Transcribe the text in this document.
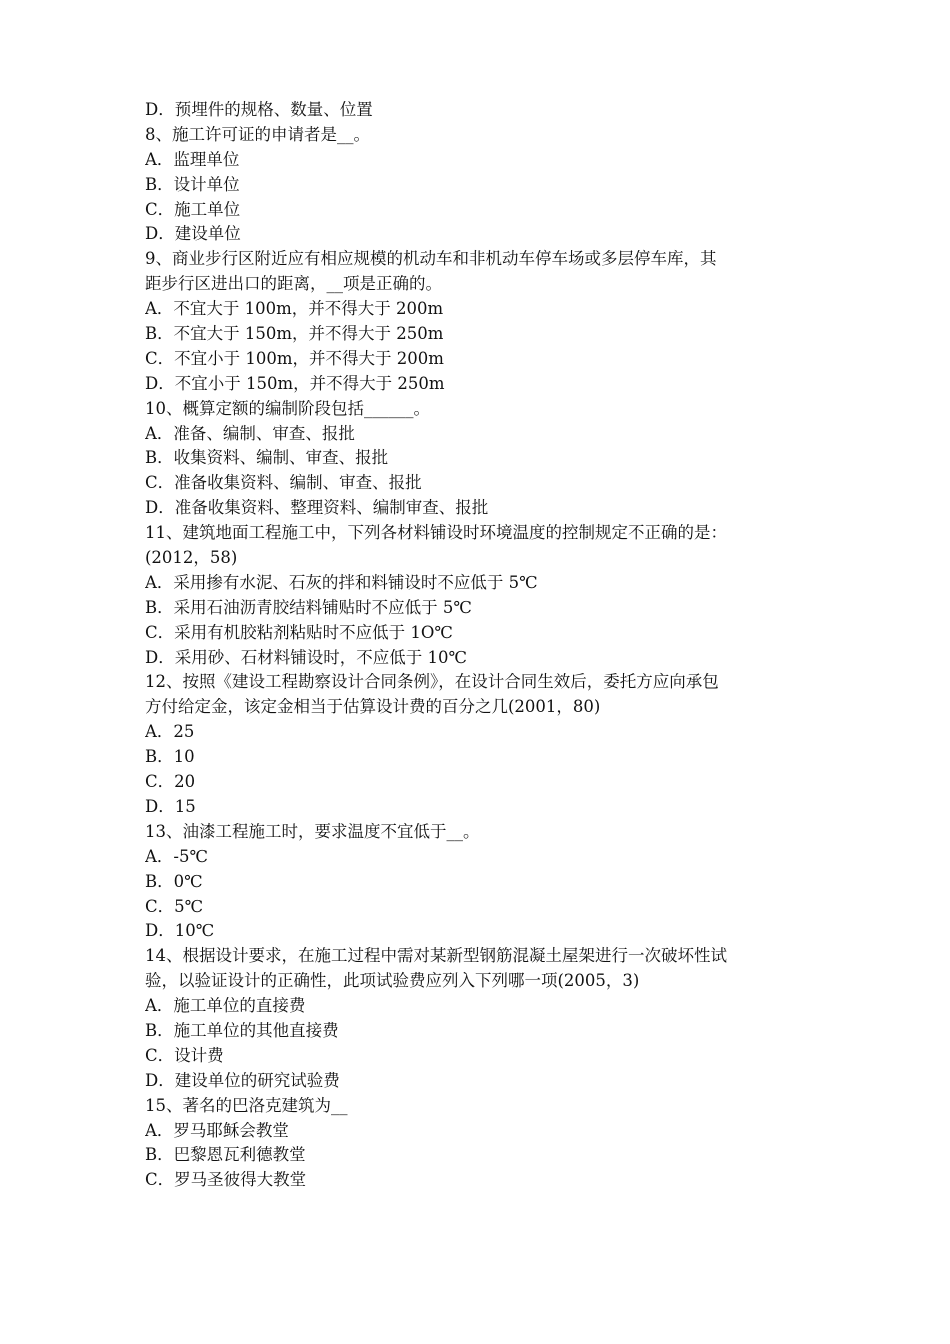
D．预埋件的规格、数量、位置
8、施工许可证的申请者是__。
A．监理单位
B．设计单位
C．施工单位
D．建设单位
9、商业步行区附近应有相应规模的机动车和非机动车停车场或多层停车库，其
距步行区进出口的距离，__项是正确的。
A．不宜大于 100m，并不得大于 200m
B．不宜大于 150m，并不得大于 250m
C．不宜小于 100m，并不得大于 200m
D．不宜小于 150m，并不得大于 250m
10、概算定额的编制阶段包括______。
A．准备、编制、审查、报批
B．收集资料、编制、审查、报批
C．准备收集资料、编制、审查、报批
D．准备收集资料、整理资料、编制审查、报批
11、建筑地面工程施工中，下列各材料铺设时环境温度的控制规定不正确的是：
(2012，58)
A．采用掺有水泥、石灰的拌和料铺设时不应低于 5℃
B．采用石油沥青胶结料铺贴时不应低于 5℃
C．采用有机胶粘剂粘贴时不应低于 1O℃
D．采用砂、石材料铺设时，不应低于 10℃
12、按照《建设工程勘察设计合同条例》，在设计合同生效后，委托方应向承包
方付给定金，该定金相当于估算设计费的百分之几(2001，80)
A．25
B．10
C．20
D．15
13、油漆工程施工时，要求温度不宜低于__。
A．-5℃
B．0℃
C．5℃
D．10℃
14、根据设计要求，在施工过程中需对某新型钢筋混凝土屋架进行一次破坏性试
验，以验证设计的正确性，此项试验费应列入下列哪一项(2005，3)
A．施工单位的直接费
B．施工单位的其他直接费
C．设计费
D．建设单位的研究试验费
15、著名的巴洛克建筑为__
A．罗马耶稣会教堂
B．巴黎恩瓦利德教堂
C．罗马圣彼得大教堂
